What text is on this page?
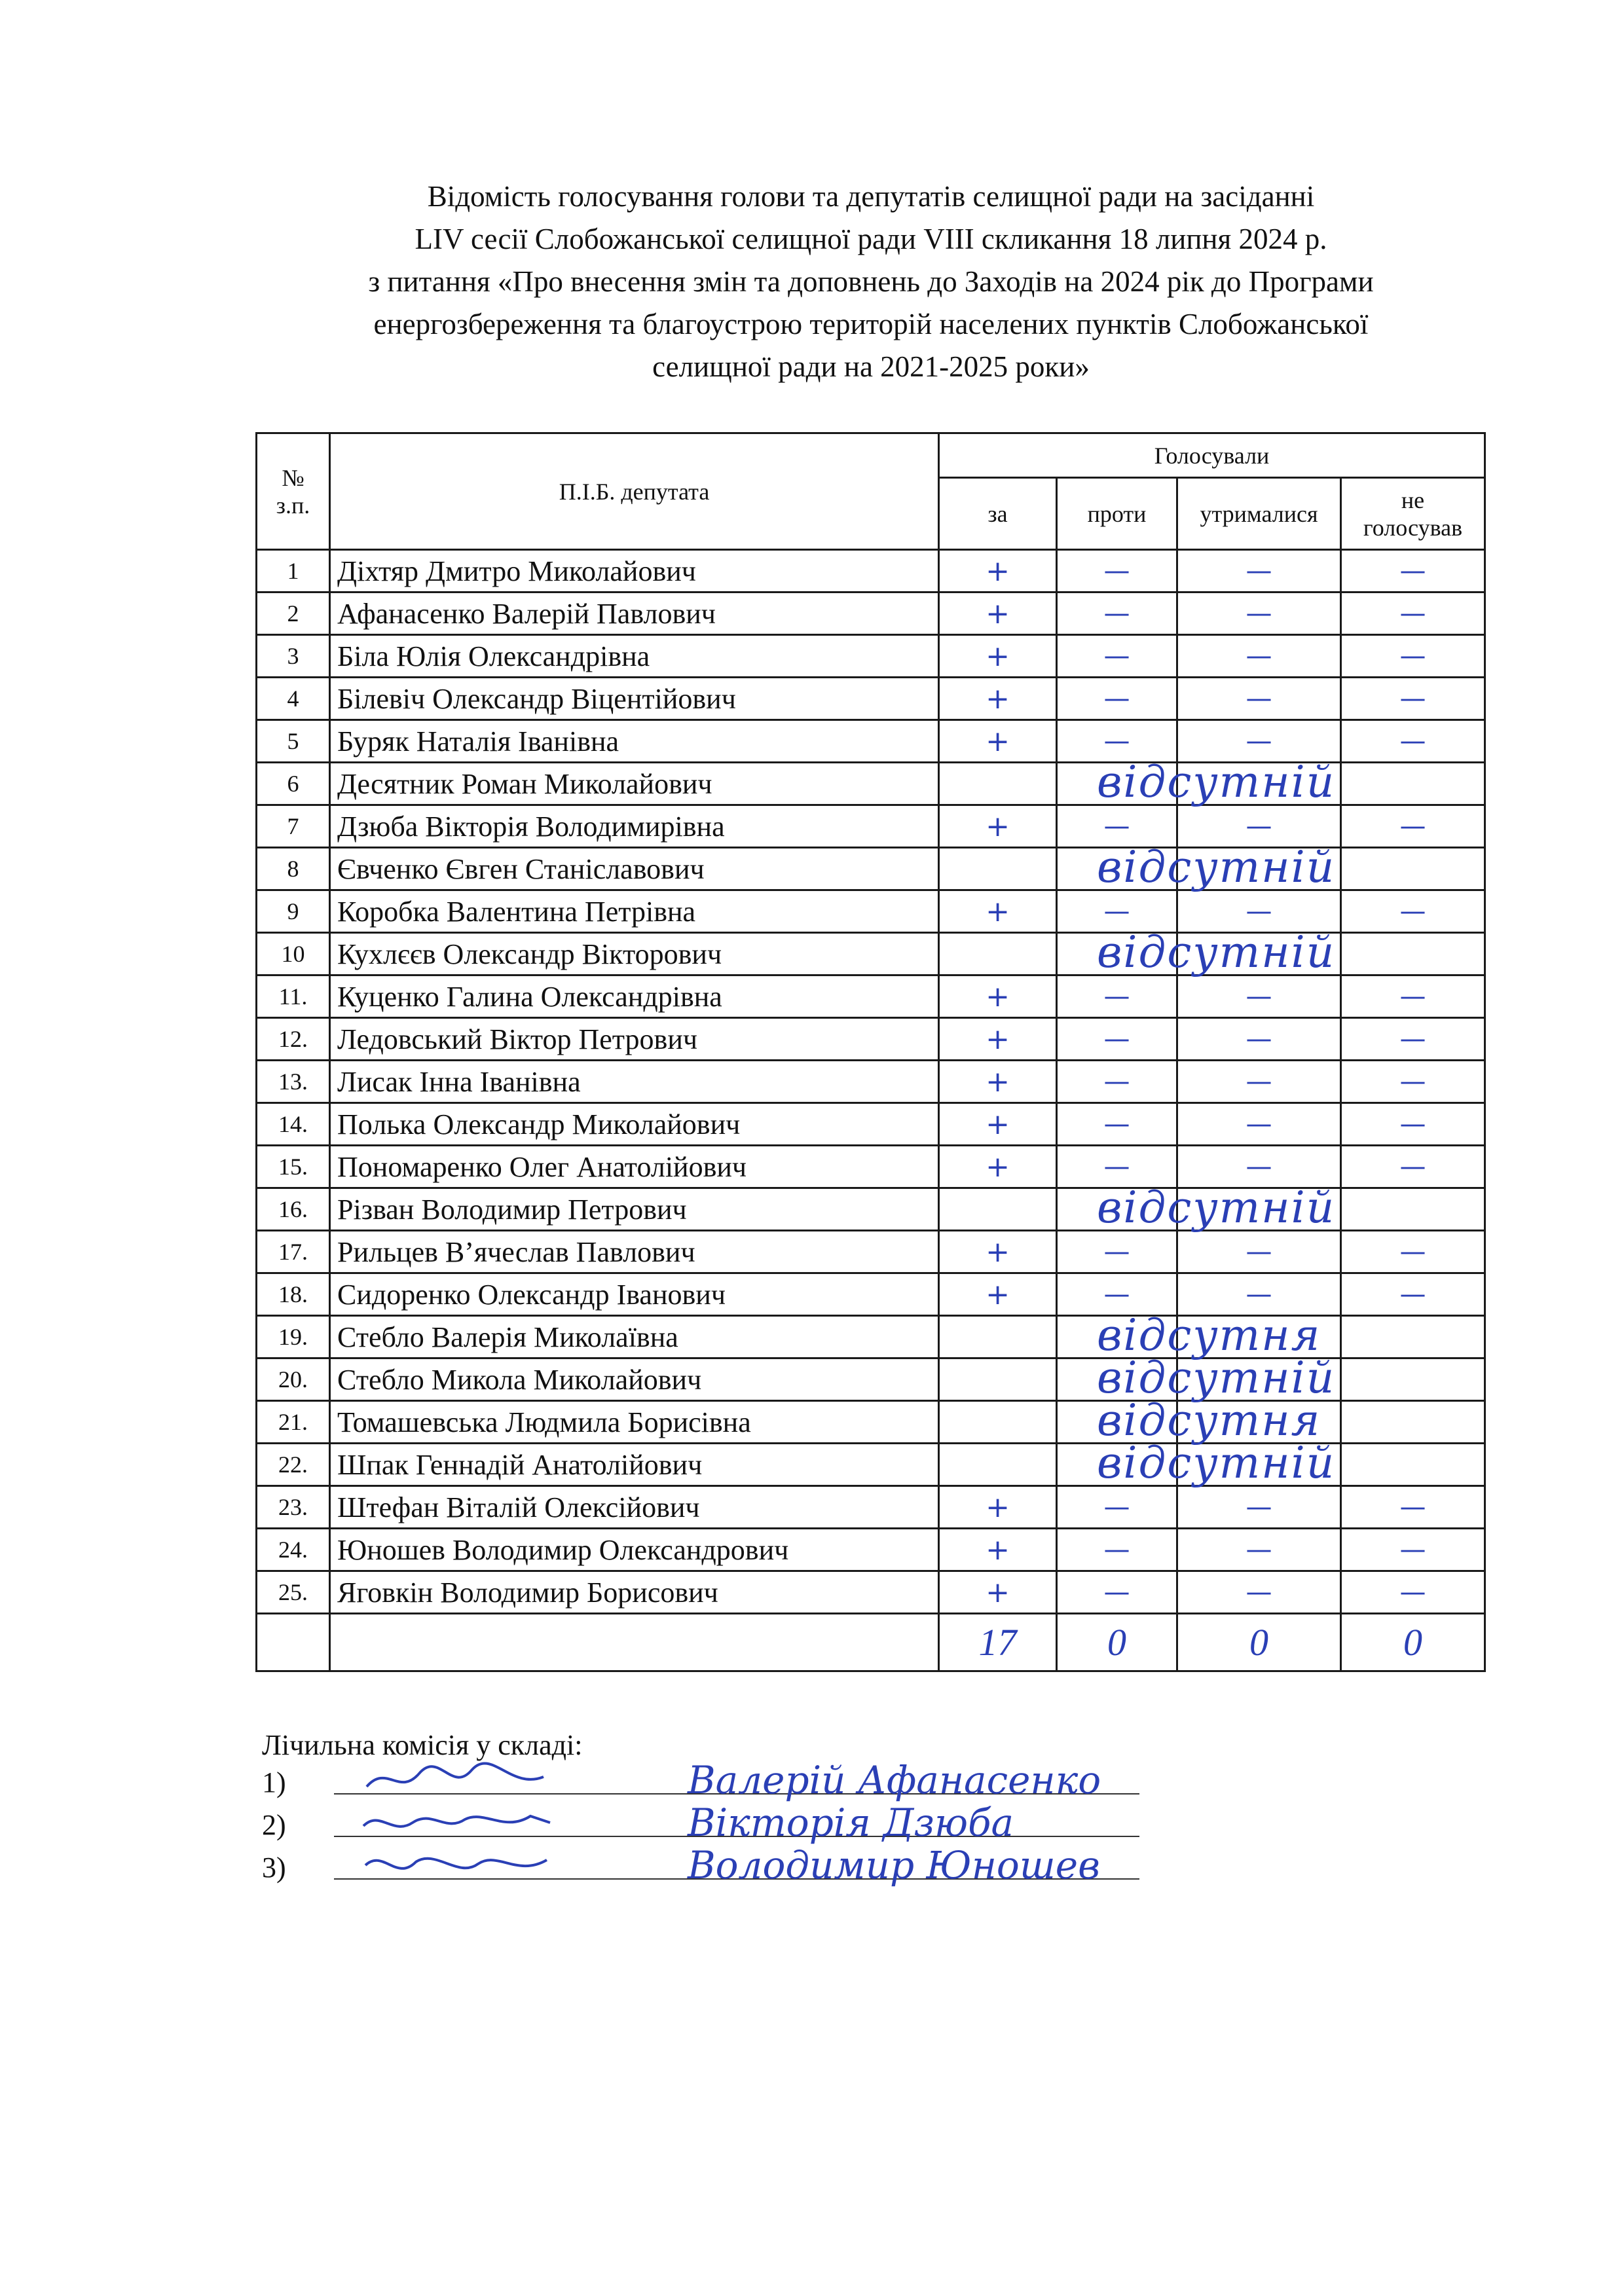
Відомість голосування голови та депутатів селищної ради на засіданні
LIV сесії Слобожанської селищної ради VIII скликання 18 липня 2024 р.
з питання «Про внесення змін та доповнень до Заходів на 2024 рік до Програми
енергозбереження та благоустрою територій населених пунктів Слобожанської
селищної ради на 2021-2025 роки»
№
з.п.	П.І.Б. депутата	Голосували			
		за	проти	утрималися	не
голосував

1	Діхтяр Дмитро Миколайович	+	—	—	—
2	Афанасенко Валерій Павлович	+	—	—	—
3	Біла Юлія Олександрівна	+	—	—	—
4	Білевіч Олександр Віцентійович	+	—	—	—
5	Буряк Наталія Іванівна	+	—	—	—
6	Десятник Роман Миколайович		відсутній		

7	Дзюба Вікторія Володимирівна	+	—	—	—
8	Євченко Євген Станіславович		відсутній		

9	Коробка Валентина Петрівна	+	—	—	—
10	Кухлєєв Олександр Вікторович		відсутній		

11.	Куценко Галина Олександрівна	+	—	—	—
12.	Ледовський Віктор Петрович	+	—	—	—
13.	Лисак Інна Іванівна	+	—	—	—
14.	Полька Олександр Миколайович	+	—	—	—
15.	Пономаренко Олег Анатолійович	+	—	—	—
16.	Різван Володимир Петрович		відсутній		

17.	Рильцев В’ячеслав Павлович	+	—	—	—
18.	Сидоренко Олександр Іванович	+	—	—	—
19.	Стебло Валерія Миколаївна		відсутня		

20.	Стебло Микола Миколайович		відсутній		

21.	Томашевська Людмила Борисівна		відсутня		

22.	Шпак Геннадій Анатолійович		відсутній		

23.	Штефан Віталій Олексійович	+	—	—	—
24.	Юношев Володимир Олександрович	+	—	—	—
25.	Яговкін Володимир Борисович	+	—	—	—
		17	0	0	0
Лічильна комісія у складі:
1)	Валерій Афанасенко
2)	Вікторія Дзюба
3)	Володимир Юношев
